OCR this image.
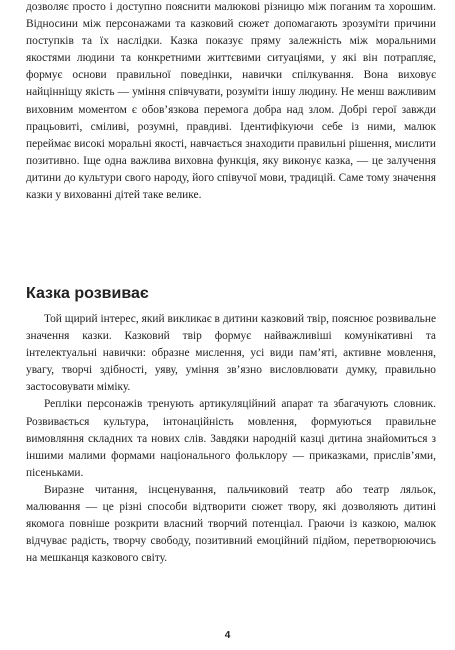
дозволяє просто і доступно пояснити малюкові різницю між поганим та хорошим. Відносини між персонажами та казковий сюжет допомагають зрозуміти причини поступків та їх наслідки. Казка показує пряму залежність між моральними якостями людини та конкретними життєвими ситуаціями, у які він потрапляє, формує основи правильної поведінки, навички спілкування. Вона виховує найцінніщу якість — уміння співчувати, розуміти іншу людину. Не менш важливим виховним моментом є обов’язкова перемога добра над злом. Добрі герої завжди працьовиті, сміливі, розумні, правдиві. Ідентифікуючи себе із ними, малюк переймає високі моральні якості, навчається знаходити правильні рішення, мислити позитивно. Іще одна важлива виховна функція, яку виконує казка, — це залучення дитини до культури свого народу, його співучої мови, традицій. Саме тому значення казки у вихованні дітей таке велике.

Казка розвиває

Той щирий інтерес, який викликає в дитини казковий твір, пояснює розвивальне значення казки. Казковий твір формує найважливіші комунікативні та інтелектуальні навички: образне мислення, усі види пам’яті, активне мовлення, увагу, творчі здібності, уяву, уміння зв’язно висловлювати думку, правильно застосовувати міміку.

Репліки персонажів тренують артикуляційний апарат та збагачують словник. Розвивається культура, інтонаційність мовлення, формуються правильне вимовляння складних та нових слів. Завдяки народній казці дитина знайомиться з іншими малими формами національного фольклору — приказками, прислів’ями, пісеньками.

Виразне читання, інсценування, пальчиковий театр або театр ляльок, малювання — це різні способи відтворити сюжет твору, які дозволяють дитині якомога повніше розкрити власний творчий потенціал. Граючи із казкою, малюк відчуває радість, творчу свободу, позитивний емоційний підйом, перетворюючись на мешканця казкового світу.

4
